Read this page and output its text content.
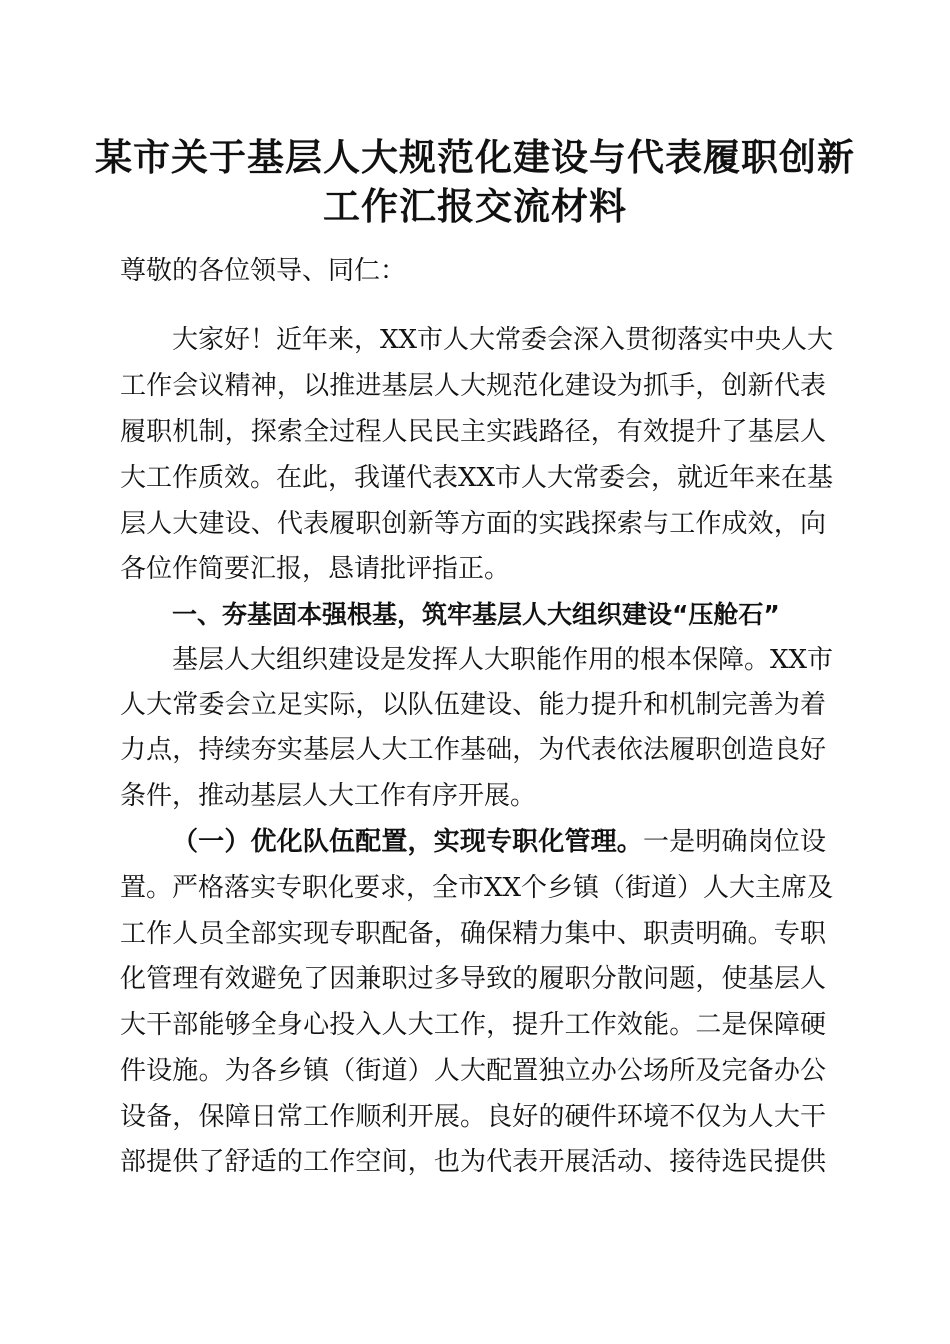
某市关于基层人大规范化建设与代表履职创新
工作汇报交流材料
尊敬的各位领导、同仁：
大家好！近年来，XX市人大常委会深入贯彻落实中央人大
工作会议精神，以推进基层人大规范化建设为抓手，创新代表
履职机制，探索全过程人民民主实践路径，有效提升了基层人
大工作质效。在此，我谨代表XX市人大常委会，就近年来在基
层人大建设、代表履职创新等方面的实践探索与工作成效，向
各位作简要汇报，恳请批评指正。
一、夯基固本强根基，筑牢基层人大组织建设“压舱石”
基层人大组织建设是发挥人大职能作用的根本保障。XX市
人大常委会立足实际，以队伍建设、能力提升和机制完善为着
力点，持续夯实基层人大工作基础，为代表依法履职创造良好
条件，推动基层人大工作有序开展。
（一）优化队伍配置，实现专职化管理。一是明确岗位设
置。严格落实专职化要求，全市XX个乡镇（街道）人大主席及
工作人员全部实现专职配备，确保精力集中、职责明确。专职
化管理有效避免了因兼职过多导致的履职分散问题，使基层人
大干部能够全身心投入人大工作，提升工作效能。二是保障硬
件设施。为各乡镇（街道）人大配置独立办公场所及完备办公
设备，保障日常工作顺利开展。良好的硬件环境不仅为人大干
部提供了舒适的工作空间，也为代表开展活动、接待选民提供
